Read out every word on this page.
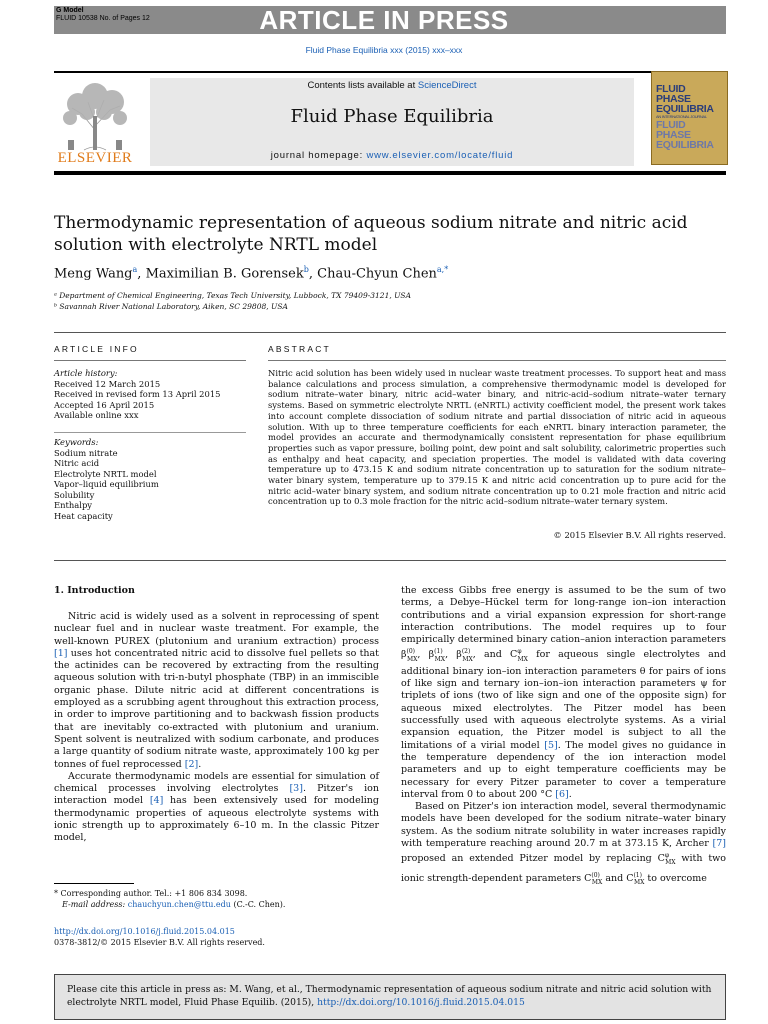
G Model
FLUID 10538 No. of Pages 12	ARTICLE IN PRESS
Fluid Phase Equilibria xxx (2015) xxx–xxx
ELSEVIER
Contents lists available at ScienceDirect
Fluid Phase Equilibria
journal homepage: www.elsevier.com/locate/fluid
FLUID PHASE
EQUILIBRIA
AN INTERNATIONAL JOURNAL
FLUID PHASE
EQUILIBRIA
Thermodynamic representation of aqueous sodium nitrate and nitric acid solution with electrolyte NRTL model
Meng Wang$^a$, Maximilian B. Gorensek$^b$, Chau-Chyun Chen$^{a,*}$
ᵃ Department of Chemical Engineering, Texas Tech University, Lubbock, TX 79409-3121, USA
ᵇ Savannah River National Laboratory, Aiken, SC 29808, USA
ARTICLE INFO	ABSTRACT
Article history:
Received 12 March 2015
Received in revised form 13 April 2015
Accepted 16 April 2015
Available online xxx
Keywords:
Sodium nitrate
Nitric acid
Electrolyte NRTL model
Vapor–liquid equilibrium
Solubility
Enthalpy
Heat capacity
Nitric acid solution has been widely used in nuclear waste treatment processes. To support heat and mass balance calculations and process simulation, a comprehensive thermodynamic model is developed for sodium nitrate–water binary, nitric acid–water binary, and nitric-acid–sodium nitrate–water ternary systems. Based on symmetric electrolyte NRTL (eNRTL) activity coefficient model, the present work takes into account complete dissociation of sodium nitrate and partial dissociation of nitric acid in aqueous solution. With up to three temperature coefficients for each eNRTL binary interaction parameter, the model provides an accurate and thermodynamically consistent representation for phase equilibrium properties such as vapor pressure, boiling point, dew point and salt solubility, calorimetric properties such as enthalpy and heat capacity, and speciation properties. The model is validated with data covering temperature up to 473.15 K and sodium nitrate concentration up to saturation for the sodium nitrate–water binary system, temperature up to 379.15 K and nitric acid concentration up to pure acid for the nitric acid–water binary system, and sodium nitrate concentration up to 0.21 mole fraction and nitric acid concentration up to 0.3 mole fraction for the nitric acid–sodium nitrate–water ternary system.
© 2015 Elsevier B.V. All rights reserved.
1. Introduction

Nitric acid is widely used as a solvent in reprocessing of spent nuclear fuel and in nuclear waste treatment. For example, the well-known PUREX (plutonium and uranium extraction) process [1] uses hot concentrated nitric acid to dissolve fuel pellets so that the actinides can be recovered by extracting from the resulting aqueous solution with tri-n-butyl phosphate (TBP) in an immiscible organic phase. Dilute nitric acid at different concentrations is employed as a scrubbing agent throughout this extraction process, in order to improve partitioning and to backwash fission products that are inevitably co-extracted with plutonium and uranium. Spent solvent is neutralized with sodium carbonate, and produces a large quantity of sodium nitrate waste, approximately 100 kg per tonnes of fuel reprocessed [2].

Accurate thermodynamic models are essential for simulation of chemical processes involving electrolytes [3]. Pitzer's ion interaction model [4] has been extensively used for modeling thermodynamic properties of aqueous electrolyte systems with ionic strength up to approximately 6–10 m. In the classic Pitzer model,

the excess Gibbs free energy is assumed to be the sum of two terms, a Debye–Hückel term for long-range ion–ion interaction contributions and a virial expansion expression for short-range interaction contributions. The model requires up to four empirically determined binary cation–anion interaction parameters $\beta^{(0)}_{MX}$, $\beta^{(1)}_{MX}$, $\beta^{(2)}_{MX}$, and $C^\varphi_{MX}$ for aqueous single electrolytes and additional binary ion–ion interaction parameters θ for pairs of ions of like sign and ternary ion–ion–ion interaction parameters ψ for triplets of ions (two of like sign and one of the opposite sign) for aqueous mixed electrolytes. The Pitzer model has been successfully used with aqueous electrolyte systems. As a virial expansion equation, the Pitzer model is subject to all the limitations of a virial model [5]. The model gives no guidance in the temperature dependency of the ion interaction model parameters and up to eight temperature coefficients may be necessary for every Pitzer parameter to cover a temperature interval from 0 to about 200 °C [6].

Based on Pitzer's ion interaction model, several thermodynamic models have been developed for the sodium nitrate–water binary system. As the sodium nitrate solubility in water increases rapidly with temperature reaching around 20.7 m at 373.15 K, Archer [7] proposed an extended Pitzer model by replacing $C^\varphi_{MX}$ with two ionic strength-dependent parameters $C^{(0)}_{MX}$ and $C^{(1)}_{MX}$ to overcome

* Corresponding author. Tel.: +1 806 834 3098.
E-mail address: chauchyun.chen@ttu.edu (C.-C. Chen).
http://dx.doi.org/10.1016/j.fluid.2015.04.015
0378-3812/© 2015 Elsevier B.V. All rights reserved.
Please cite this article in press as: M. Wang, et al., Thermodynamic representation of aqueous sodium nitrate and nitric acid solution with electrolyte NRTL model, Fluid Phase Equilib. (2015), http://dx.doi.org/10.1016/j.fluid.2015.04.015
